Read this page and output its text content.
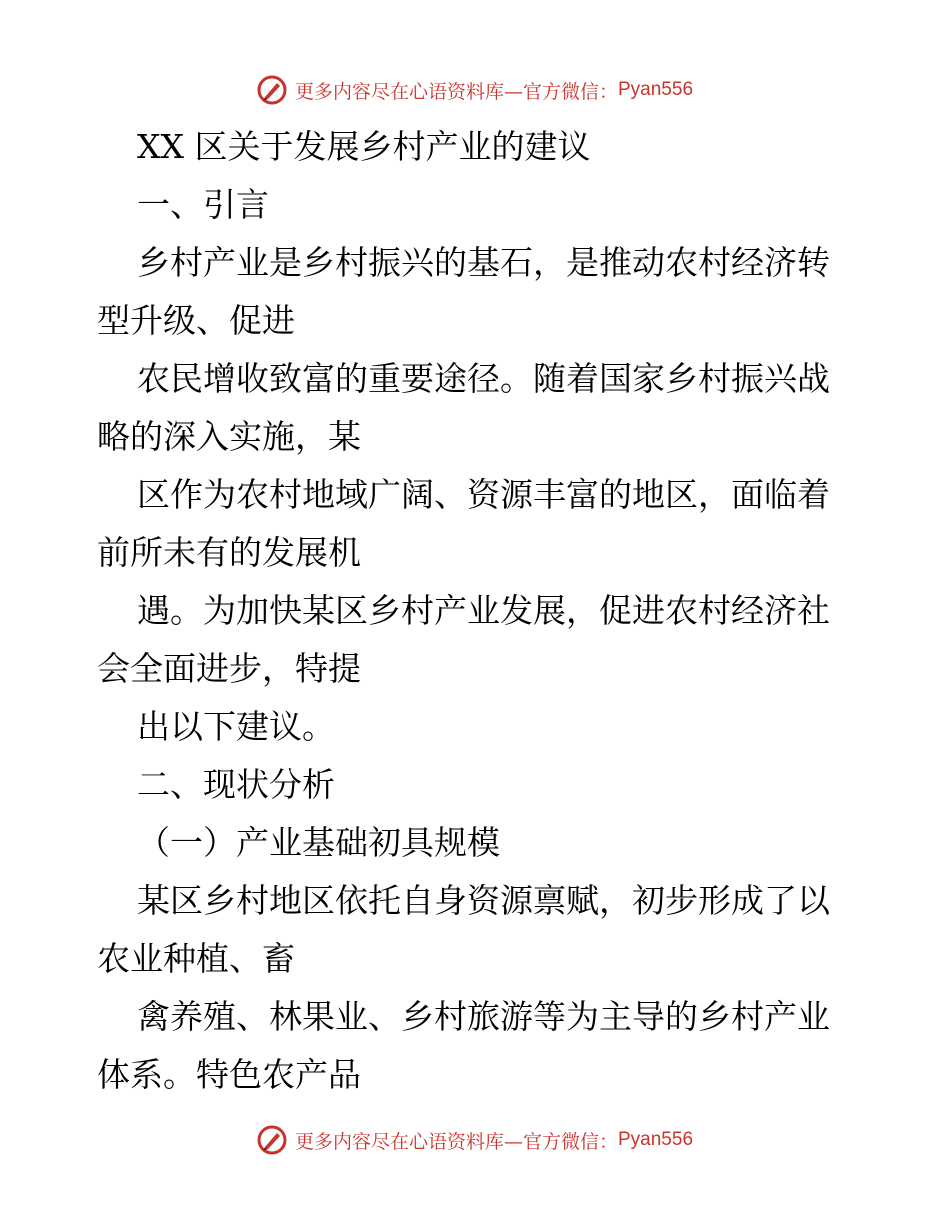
更多内容尽在心语资料库—官方微信： Pyan556
XX 区关于发展乡村产业的建议
一、引言
乡村产业是乡村振兴的基石，是推动农村经济转
型升级、促进
农民增收致富的重要途径。随着国家乡村振兴战
略的深入实施，某
区作为农村地域广阔、资源丰富的地区，面临着
前所未有的发展机
遇。为加快某区乡村产业发展，促进农村经济社
会全面进步，特提
出以下建议。
二、现状分析
（一）产业基础初具规模
某区乡村地区依托自身资源禀赋，初步形成了以
农业种植、畜
禽养殖、林果业、乡村旅游等为主导的乡村产业
体系。特色农产品
更多内容尽在心语资料库—官方微信： Pyan556
